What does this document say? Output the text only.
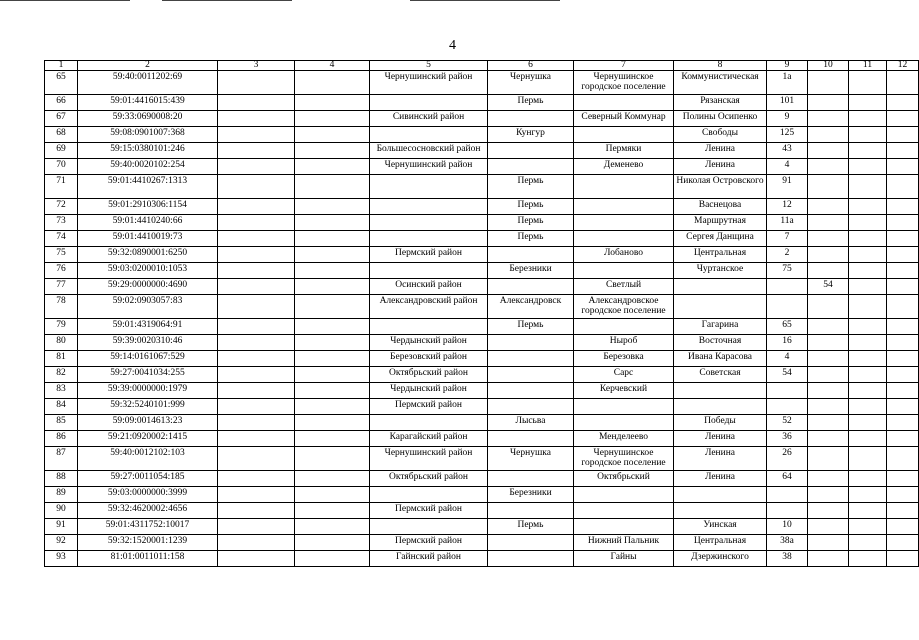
4
1	2	3	4	5	6	7	8	9	10	11	12
65	59:40:0011202:69			Чернушинский район	Чернушка	Чернушинское городское поселение	Коммунистическая	1а			
66	59:01:4416015:439				Пермь		Рязанская	101			
67	59:33:0690008:20			Сивинский район		Северный Коммунар	Полины Осипенко	9			
68	59:08:0901007:368				Кунгур		Свободы	125			
69	59:15:0380101:246			Большесосновский район		Пермяки	Ленина	43			
70	59:40:0020102:254			Чернушинский район		Деменево	Ленина	4			
71	59:01:4410267:1313				Пермь		Николая Островского	91			
72	59:01:2910306:1154				Пермь		Васнецова	12			
73	59:01:4410240:66				Пермь		Маршрутная	11а			
74	59:01:4410019:73				Пермь		Сергея Данщина	7			
75	59:32:0890001:6250			Пермский район		Лобаново	Центральная	2			
76	59:03:0200010:1053				Березники		Чуртанское	75			
77	59:29:0000000:4690			Осинский район		Светлый			54		
78	59:02:0903057:83			Александровский район	Александровск	Александровское городское поселение					
79	59:01:4319064:91				Пермь		Гагарина	65			
80	59:39:0020310:46			Чердынский район		Ныроб	Восточная	16			
81	59:14:0161067:529			Березовский район		Березовка	Ивана Карасова	4			
82	59:27:0041034:255			Октябрьский район		Сарс	Советская	54			
83	59:39:0000000:1979			Чердынский район		Керчевский					
84	59:32:5240101:999			Пермский район							
85	59:09:0014613:23				Лысьва		Победы	52			
86	59:21:0920002:1415			Карагайский район		Менделеево	Ленина	36			
87	59:40:0012102:103			Чернушинский район	Чернушка	Чернушинское городское поселение	Ленина	26			
88	59:27:0011054:185			Октябрьский район		Октябрьский	Ленина	64			
89	59:03:0000000:3999				Березники						
90	59:32:4620002:4656			Пермский район							
91	59:01:4311752:10017				Пермь		Уинская	10			
92	59:32:1520001:1239			Пермский район		Нижний Пальник	Центральная	38а			
93	81:01:0011011:158			Гайнский район		Гайны	Дзержинского	38			
